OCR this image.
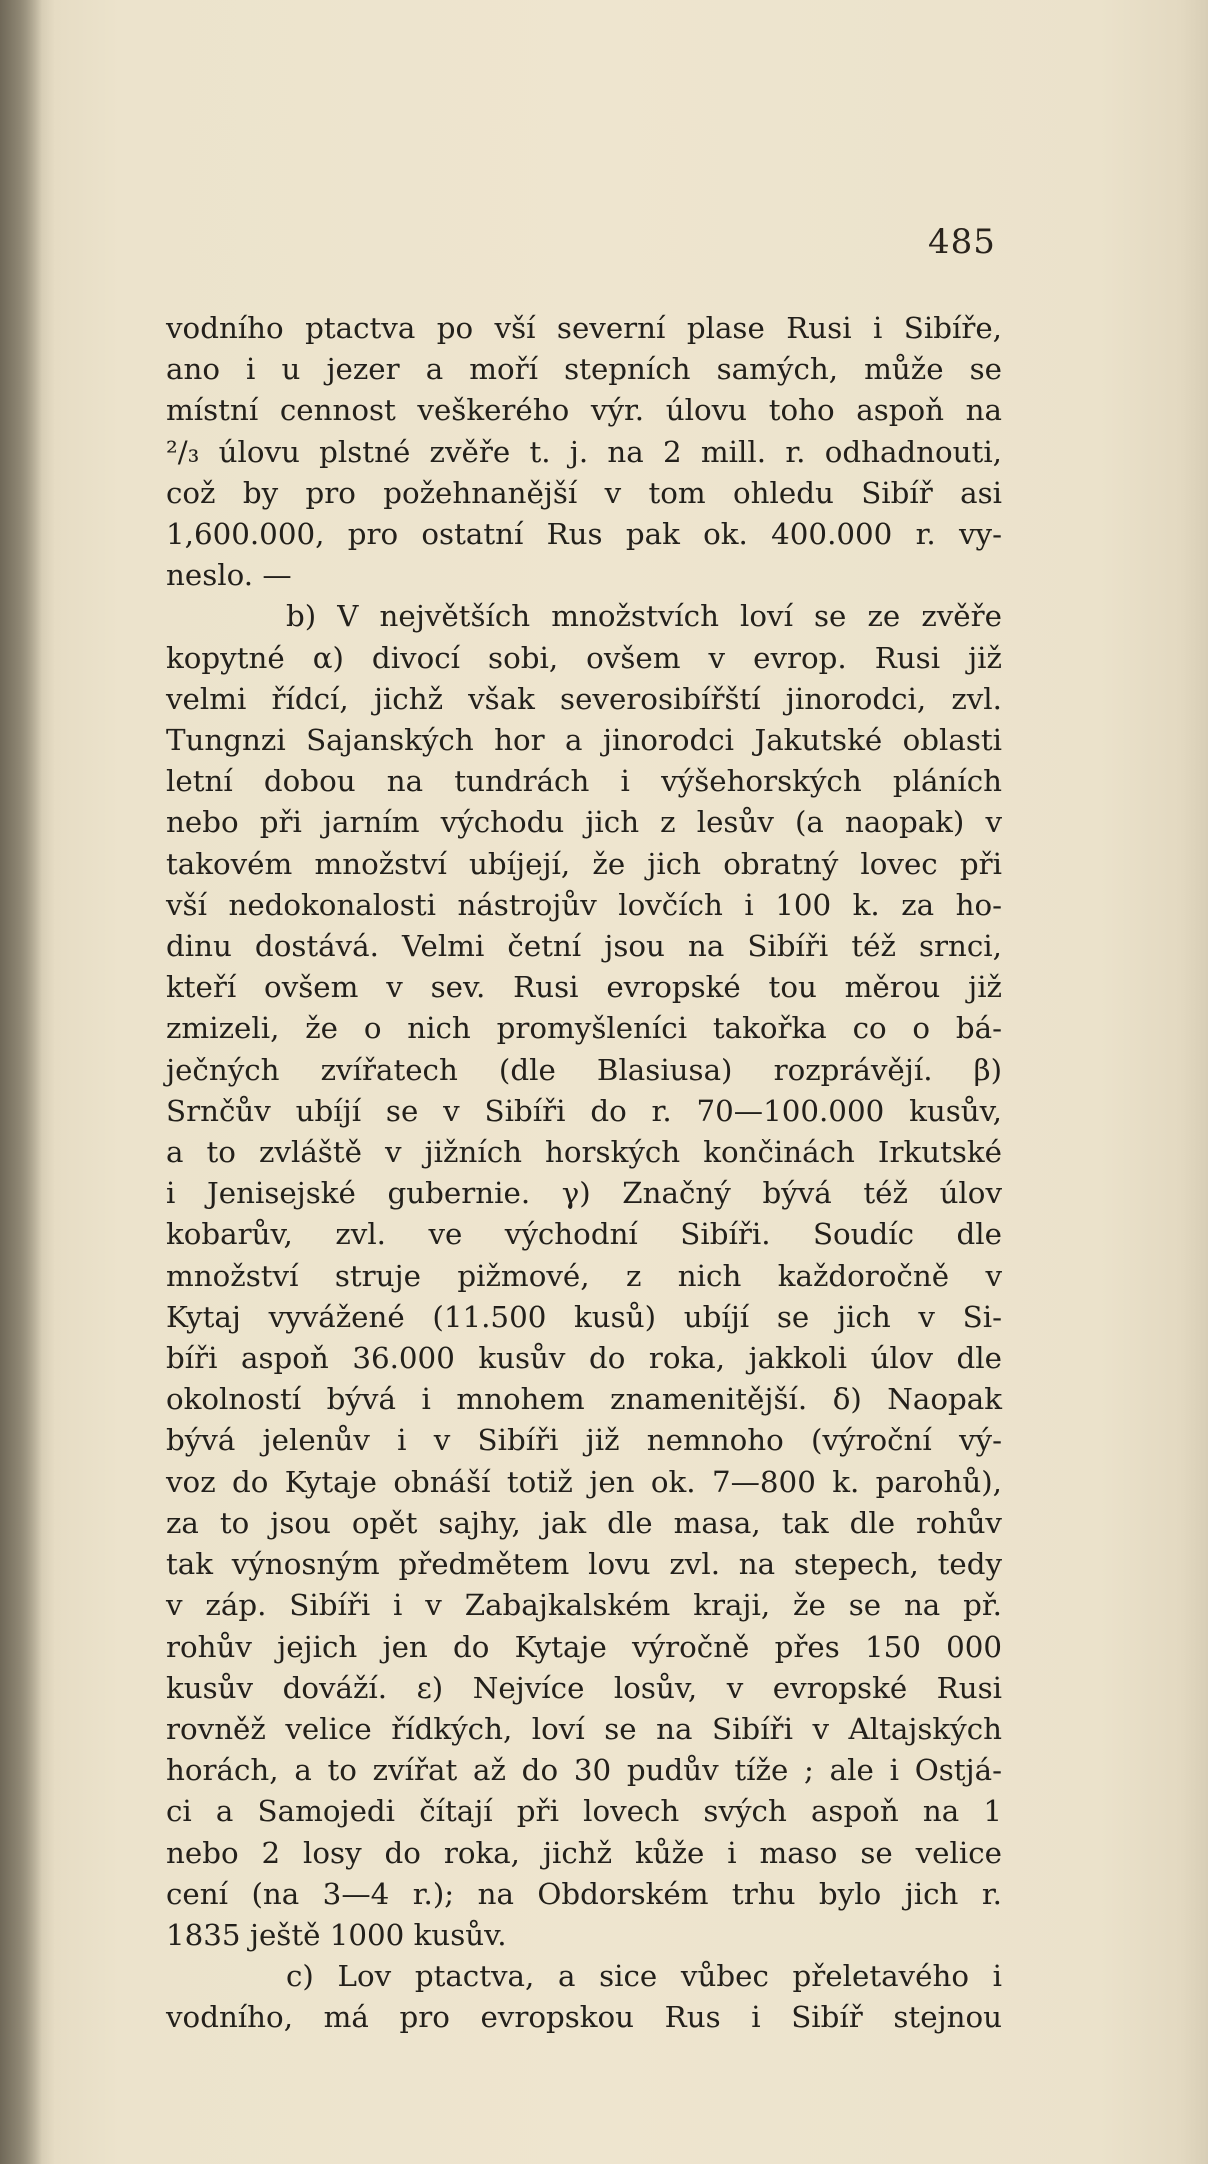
485
vodního ptactva po vší severní plase Rusi i Sibíře,
ano i u jezer a moří stepních samých, může se
místní cennost veškerého výr. úlovu toho aspoň na
²/₃ úlovu plstné zvěře t. j. na 2 mill. r. odhadnouti,
což by pro požehnanější v tom ohledu Sibíř asi
1,600.000, pro ostatní Rus pak ok. 400.000 r. vy-
neslo. —
b) V největších množstvích loví se ze zvěře
kopytné α) divocí sobi, ovšem v evrop. Rusi již
velmi řídcí, jichž však severosibířští jinorodci, zvl.
Tungnzi Sajanských hor a jinorodci Jakutské oblasti
letní dobou na tundrách i výšehorských pláních
nebo při jarním východu jich z lesův (a naopak) v
takovém množství ubíjejí, že jich obratný lovec při
vší nedokonalosti nástrojův lovčích i 100 k. za ho-
dinu dostává. Velmi četní jsou na Sibíři též srnci,
kteří ovšem v sev. Rusi evropské tou měrou již
zmizeli, že o nich promyšleníci takořka co o bá-
ječných zvířatech (dle Blasiusa) rozprávějí. β)
Srnčův ubíjí se v Sibíři do r. 70—100.000 kusův,
a to zvláště v jižních horských končinách Irkutské
i Jenisejské gubernie. γ) Značný bývá též úlov
kobarův, zvl. ve východní Sibíři. Soudíc dle
množství struje pižmové, z nich každoročně v
Kytaj vyvážené (11.500 kusů) ubíjí se jich v Si-
bíři aspoň 36.000 kusův do roka, jakkoli úlov dle
okolností bývá i mnohem znamenitější. δ) Naopak
bývá jelenův i v Sibíři již nemnoho (výroční vý-
voz do Kytaje obnáší totiž jen ok. 7—800 k. parohů),
za to jsou opět sajhy, jak dle masa, tak dle rohův
tak výnosným předmětem lovu zvl. na stepech, tedy
v záp. Sibíři i v Zabajkalském kraji, že se na př.
rohův jejich jen do Kytaje výročně přes 150 000
kusův dováží. ε) Nejvíce losův, v evropské Rusi
rovněž velice řídkých, loví se na Sibíři v Altajských
horách, a to zvířat až do 30 pudův tíže ; ale i Ostjá-
ci a Samojedi čítají při lovech svých aspoň na 1
nebo 2 losy do roka, jichž kůže i maso se velice
cení (na 3—4 r.); na Obdorském trhu bylo jich r.
1835 ještě 1000 kusův.
c) Lov ptactva, a sice vůbec přeletavého i
vodního, má pro evropskou Rus i Sibíř stejnou
